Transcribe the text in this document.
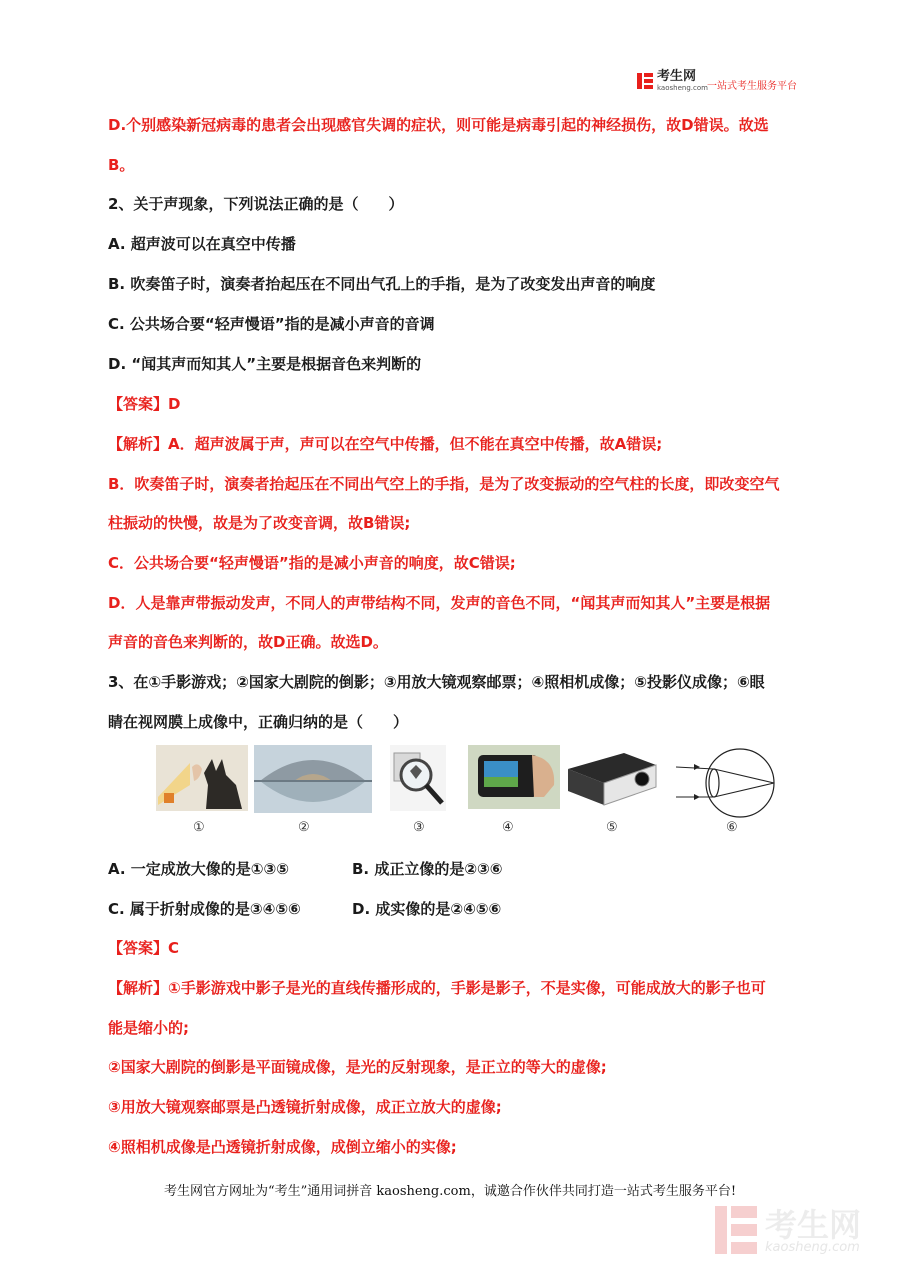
考生网
kaosheng.com 一站式考生服务平台
D.个别感染新冠病毒的患者会出现感官失调的症状，则可能是病毒引起的神经损伤，故D错误。故选
B。
2、关于声现象，下列说法正确的是（　　）
A. 超声波可以在真空中传播
B. 吹奏笛子时，演奏者抬起压在不同出气孔上的手指，是为了改变发出声音的响度
C. 公共场合要“轻声慢语”指的是减小声音的音调
D. “闻其声而知其人”主要是根据音色来判断的
【答案】D
【解析】A．超声波属于声，声可以在空气中传播，但不能在真空中传播，故A错误;
B．吹奏笛子时，演奏者抬起压在不同出气空上的手指，是为了改变振动的空气柱的长度，即改变空气
柱振动的快慢，故是为了改变音调，故B错误;
C．公共场合要“轻声慢语”指的是减小声音的响度，故C错误;
D．人是靠声带振动发声，不同人的声带结构不同，发声的音色不同，“闻其声而知其人”主要是根据
声音的音色来判断的，故D正确。故选D。
3、在①手影游戏；②国家大剧院的倒影；③用放大镜观察邮票；④照相机成像；⑤投影仪成像；⑥眼
睛在视网膜上成像中，正确归纳的是（　　）
①	②	③	④	⑤	⑥
A. 一定成放大像的是①③⑤	B. 成正立像的是②③⑥
C. 属于折射成像的是③④⑤⑥	D. 成实像的是②④⑤⑥
【答案】C
【解析】①手影游戏中影子是光的直线传播形成的，手影是影子，不是实像，可能成放大的影子也可
能是缩小的;
②国家大剧院的倒影是平面镜成像，是光的反射现象，是正立的等大的虚像;
③用放大镜观察邮票是凸透镜折射成像，成正立放大的虚像;
④照相机成像是凸透镜折射成像，成倒立缩小的实像;
考生网官方网址为“考生”通用词拼音 kaosheng.com，诚邀合作伙伴共同打造一站式考生服务平台!
考生网
kaosheng.com
